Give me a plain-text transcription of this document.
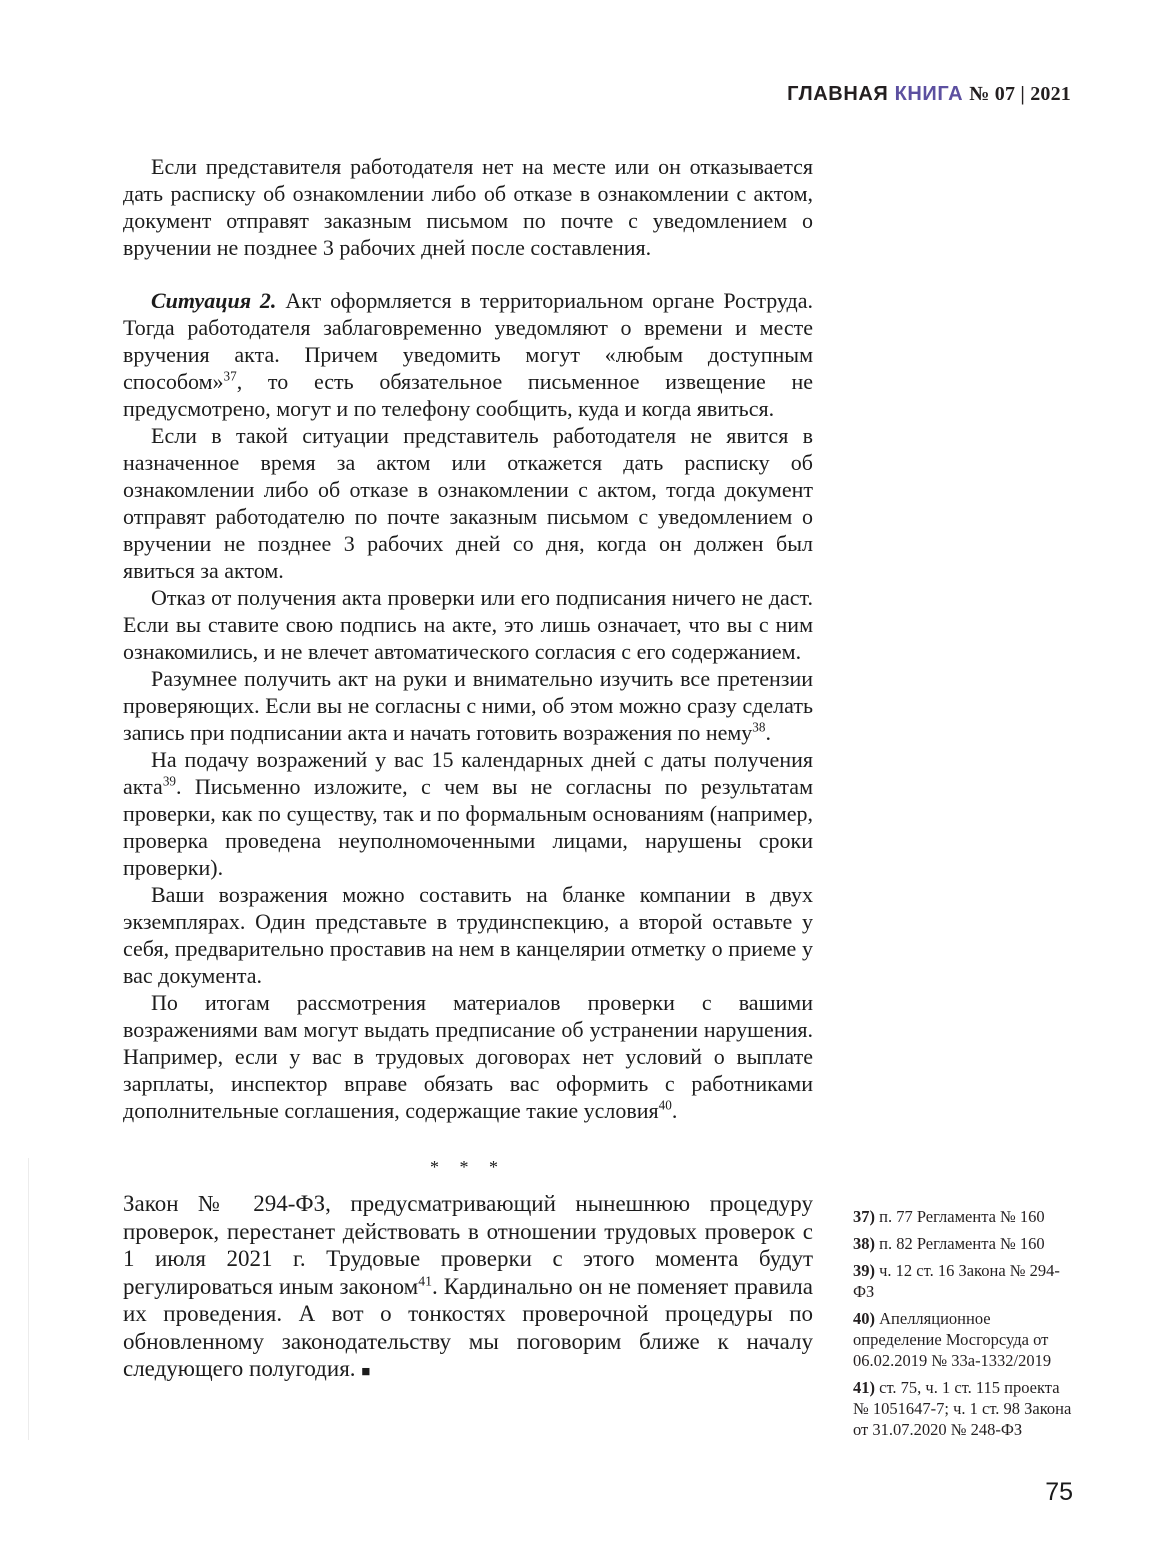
ГЛАВНАЯ КНИГА № 07 | 2021

Если представителя работодателя нет на месте или он отказывается дать расписку об ознакомлении либо об отказе в ознакомлении с актом, документ отправят заказным письмом по почте с уведомлением о вручении не позднее 3 рабочих дней после составления.

Ситуация 2. Акт оформляется в территориальном органе Роструда. Тогда работодателя заблаговременно уведомляют о времени и месте вручения акта. Причем уведомить могут «любым доступным способом»$^{37}$, то есть обязательное письменное извещение не предусмотрено, могут и по телефону сообщить, куда и когда явиться.

Если в такой ситуации представитель работодателя не явится в назначенное время за актом или откажется дать расписку об ознакомлении либо об отказе в ознакомлении с актом, тогда документ отправят работодателю по почте заказным письмом с уведомлением о вручении не позднее 3 рабочих дней со дня, когда он должен был явиться за актом.

Отказ от получения акта проверки или его подписания ничего не даст. Если вы ставите свою подпись на акте, это лишь означает, что вы с ним ознакомились, и не влечет автоматического согласия с его содержанием.

Разумнее получить акт на руки и внимательно изучить все претензии проверяющих. Если вы не согласны с ними, об этом можно сразу сделать запись при подписании акта и начать готовить возражения по нему$^{38}$.

На подачу возражений у вас 15 календарных дней с даты получения акта$^{39}$. Письменно изложите, с чем вы не согласны по результатам проверки, как по существу, так и по формальным основаниям (например, проверка проведена неуполномоченными лицами, нарушены сроки проверки).

Ваши возражения можно составить на бланке компании в двух экземплярах. Один представьте в трудинспекцию, а второй оставьте у себя, предварительно проставив на нем в канцелярии отметку о приеме у вас документа.

По итогам рассмотрения материалов проверки с вашими возражениями вам могут выдать предписание об устранении нарушения. Например, если у вас в трудовых договорах нет условий о выплате зарплаты, инспектор вправе обязать вас оформить с работниками дополнительные соглашения, содержащие такие условия$^{40}$.

* * *

Закон № 294-ФЗ, предусматривающий нынешнюю процедуру проверок, перестанет действовать в отношении трудовых проверок с 1 июля 2021 г. Трудовые проверки с этого момента будут регулироваться иным законом$^{41}$. Кардинально он не поменяет правила их проведения. А вот о тонкостях проверочной процедуры по обновленному законодательству мы поговорим ближе к началу следующего полугодия. ■

37) п. 77 Регламента № 160

38) п. 82 Регламента № 160

39) ч. 12 ст. 16 Закона № 294-ФЗ

40) Апелляционное определение Мосгорсуда от 06.02.2019 № 33а-1332/2019

41) ст. 75, ч. 1 ст. 115 проекта № 1051647-7; ч. 1 ст. 98 Закона от 31.07.2020 № 248-ФЗ

75
